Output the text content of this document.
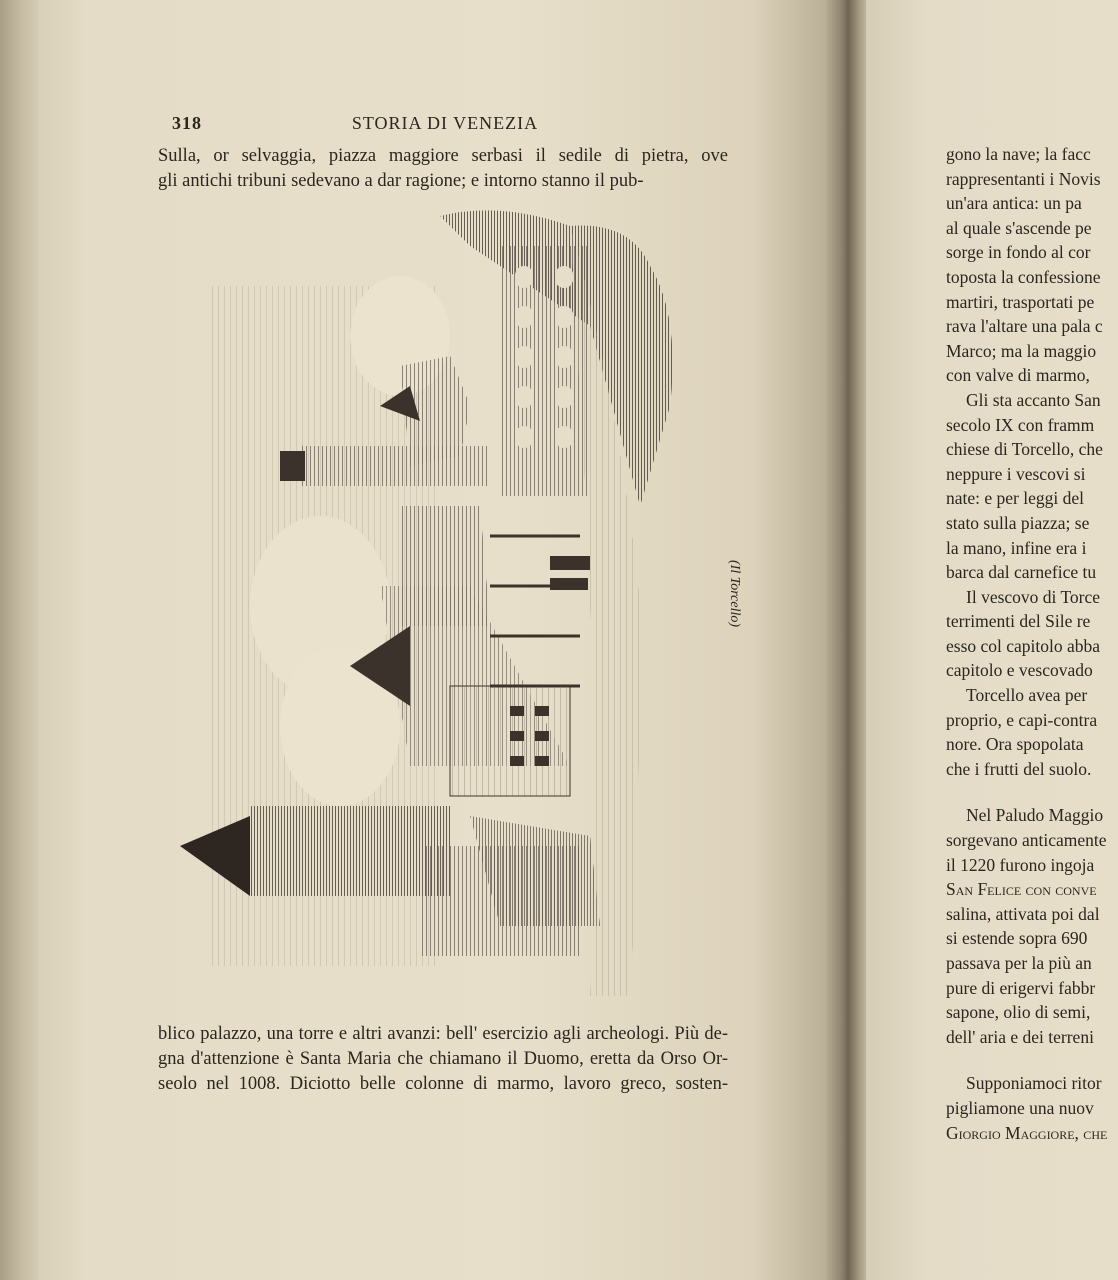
318	STORIA DI VENEZIA
Sulla, or selvaggia, piazza maggiore serbasi il sedile di pietra, ove
gli antichi tribuni sedevano a dar ragione; e intorno stanno il pub-
(Il Torcello)
blico palazzo, una torre e altri avanzi: bell' esercizio agli archeologi. Più de-
gna d'attenzione è Santa Maria che chiamano il Duomo, eretta da Orso Or-
seolo nel 1008. Diciotto belle colonne di marmo, lavoro greco, sosten-
gono la nave; la facc
rappresentanti i Novis
un'ara antica: un pa
al quale s'ascende pe
sorge in fondo al cor
toposta la confessione
martiri, trasportati pe
rava l'altare una pala c
Marco; ma la maggio
con valve di marmo,
Gli sta accanto San
secolo IX con framm
chiese di Torcello, che
neppure i vescovi si
nate: e per leggi del
stato sulla piazza; se
la mano, infine era i
barca dal carnefice tu
Il vescovo di Torce
terrimenti del Sile re
esso col capitolo abba
capitolo e vescovado
Torcello avea per
proprio, e capi-contra
nore. Ora spopolata
che i frutti del suolo.
Nel Paludo Maggio
sorgevano anticamente
il 1220 furono ingoja
San Felice con conve
salina, attivata poi dal
si estende sopra 690
passava per la più an
pure di erigervi fabbr
sapone, olio di semi,
dell' aria e dei terreni
Supponiamoci ritor
pigliamone una nuov
Giorgio Maggiore, che
